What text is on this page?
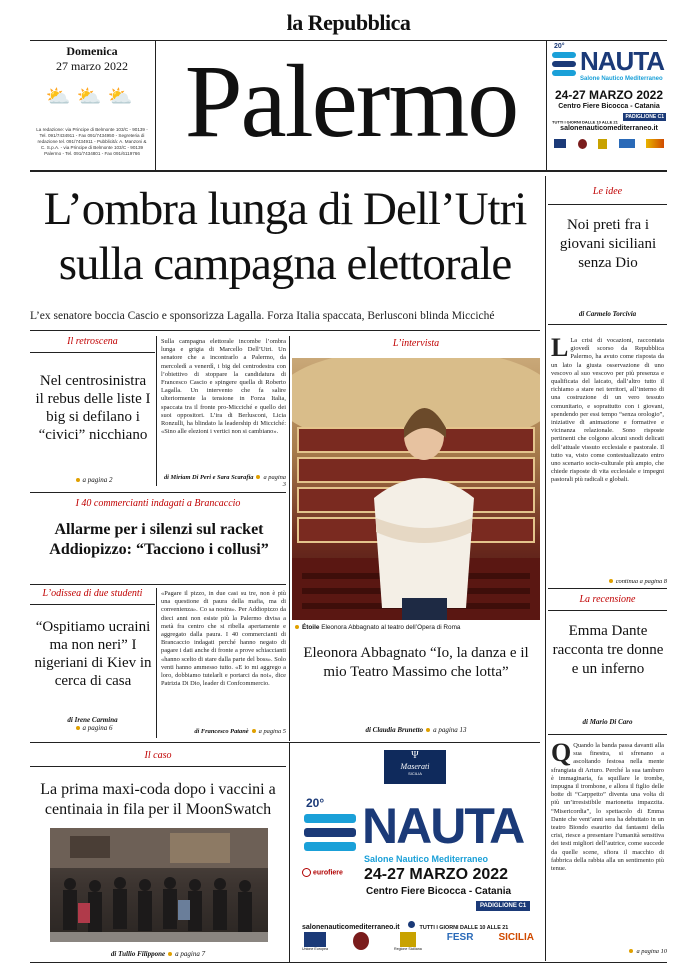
la Repubblica
Domenica
27 marzo 2022
⛅⛅⛅
La redazione: via Principe di Belmonte 103/C - 90139 - Tel. 091/7434911 - Fax 091/7434950 - Segreteria di redazione tel. 091/7434911 - Pubblicità: A. Manzoni & C. S.p.A. - via Principe di Belmonte 103/C - 90139 Palermo - Tel. 091/7434801 - Fax 091/6119766 Palermo	20° NAUTA
Salone Nautico Mediterraneo
24-27 MARZO 2022
Centro Fiere Bicocca - Catania
TUTTI I GIORNI DALLE 10 ALLE 21
PADIGLIONE C1
salonenauticomediterraneo.it
L’ombra lunga di Dell’Utri sulla campagna elettorale
L’ex senatore boccia Cascio e sponsorizza Lagalla. Forza Italia spaccata, Berlusconi blinda Micciché
Il retroscena
Nel centrosinistra il rebus delle liste I big si defilano i “civici” nicchiano
a pagina 2
Sulla campagna elettorale incombe l’ombra lunga e grigia di Marcello Dell’Utri. Un senatore che a incontrarlo a Palermo, da mercoledì a venerdì, i big del centrodestra con l’obiettivo di stoppare la candidatura di Francesco Cascio e spingere quella di Roberto Lagalla. Un intervento che fa salire ulteriormente la tensione in Forza Italia, spaccata tra il fronte pro-Micciché e quello dei suoi oppositori. L’ira di Berlusconi, Licia Ronzulli, ha blindato la leadership di Micciché: «Sino alle elezioni i vertici non si cambiano».
di Miriam Di Peri e Sara Scarafia a pagina 3
I 40 commercianti indagati a Brancaccio
Allarme per i silenzi sul racket Addiopizzo: “Tacciono i collusi”
L’odissea di due studenti
“Ospitiamo ucraini ma non neri” I nigeriani di Kiev in cerca di casa
di Irene Carmina
a pagina 6
«Pagare il pizzo, in due casi su tre, non è più una questione di paura della mafia, ma di convenienza». Co sa nostra». Per Addiopizzo da dieci anni non esiste più la Palermo divisa a metà fra centro che si ribella apertamente e aggregato dalla paura. I 40 commercianti di Brancaccio indagati perché hanno negato di pagare i dati anche di fronte a prove schiaccianti «hanno scelto di stare dalla parte del boss». Solo venti hanno ammesso tutto. «E io mi aggrego a loro, dobbiamo tutelarli e portarci da noi», dice Patrizia Di Dio, leader di Confcommercio.
di Francesco Patanè a pagina 5
L’intervista
Étoile Eleonora Abbagnato al teatro dell’Opera di Roma
Eleonora Abbagnato “Io, la danza e il mio Teatro Massimo che lotta”
di Claudia Brunetto a pagina 13
Il caso
La prima maxi-coda dopo i vaccini a centinaia in fila per il MoonSwatch
di Tullio Filippone a pagina 7
Ψ
Maserati
SICILIA
20° NAUTA
Salone Nautico Mediterraneo
eurofiere 24-27 MARZO 2022
Centro Fiere Bicocca - Catania
PADIGLIONE C1
salonenauticomediterraneo.it	TUTTI I GIORNI DALLE 10 ALLE 21
Unione Europea	Regione Siciliana
FESR	SICILIA
Le idee
Noi preti fra i giovani siciliani senza Dio
di Carmelo Torcivia
L La crisi di vocazioni, raccontata giovedì scorso da Repubblica Palermo, ha avuto come risposta da un lato la giusta osservazione di uno vescovo al suo vescovo per più presenza e qualificata del laicato, dall’altro tutto il richiamo a stare nei territori, all’interno di una costruzione di un vero tessuto comunitario, e soprattutto con i giovani, spendendo per essi tempo “senza orologio”, iniziative di animazione e formative e vicinanza relazionale. Sono risposte pertinenti che colgono alcuni snodi delicati dell’attuale vissuto ecclesiale e pastorale. Il tutto va, visto come contestualizzato entro uno scenario socio-culturale più ampio, che chiede risposte di vita ecclesiale e impegni pastorali più radicali e globali.
continua a pagina 8
La recensione
Emma Dante racconta tre donne e un inferno
di Mario Di Caro
Q Quando la banda passa davanti alla sua finestra, si sfrenano a ascoltando festosa nella mente sfrangiata di Arturo. Perché la sua tamburo è immaginaria, fa squillare le trombe, impugna il trombone, e allora il figlio delle botte di “Carppetto” diventa una volta di più un’irresistibile marionetta impazzita. “Misericordia”, lo spettacolo di Emma Dante che vent’anni sera ha debuttato in un teatro Biondo esaurito dai fantasmi della crisi, riesce a presentare l’umanità sensitiva dei testi migliori dell’autrice, come succede da quelle scene, sfiora il macchio di fabbrica della rabbia alla un sentimento più tenue.
a pagina 10
